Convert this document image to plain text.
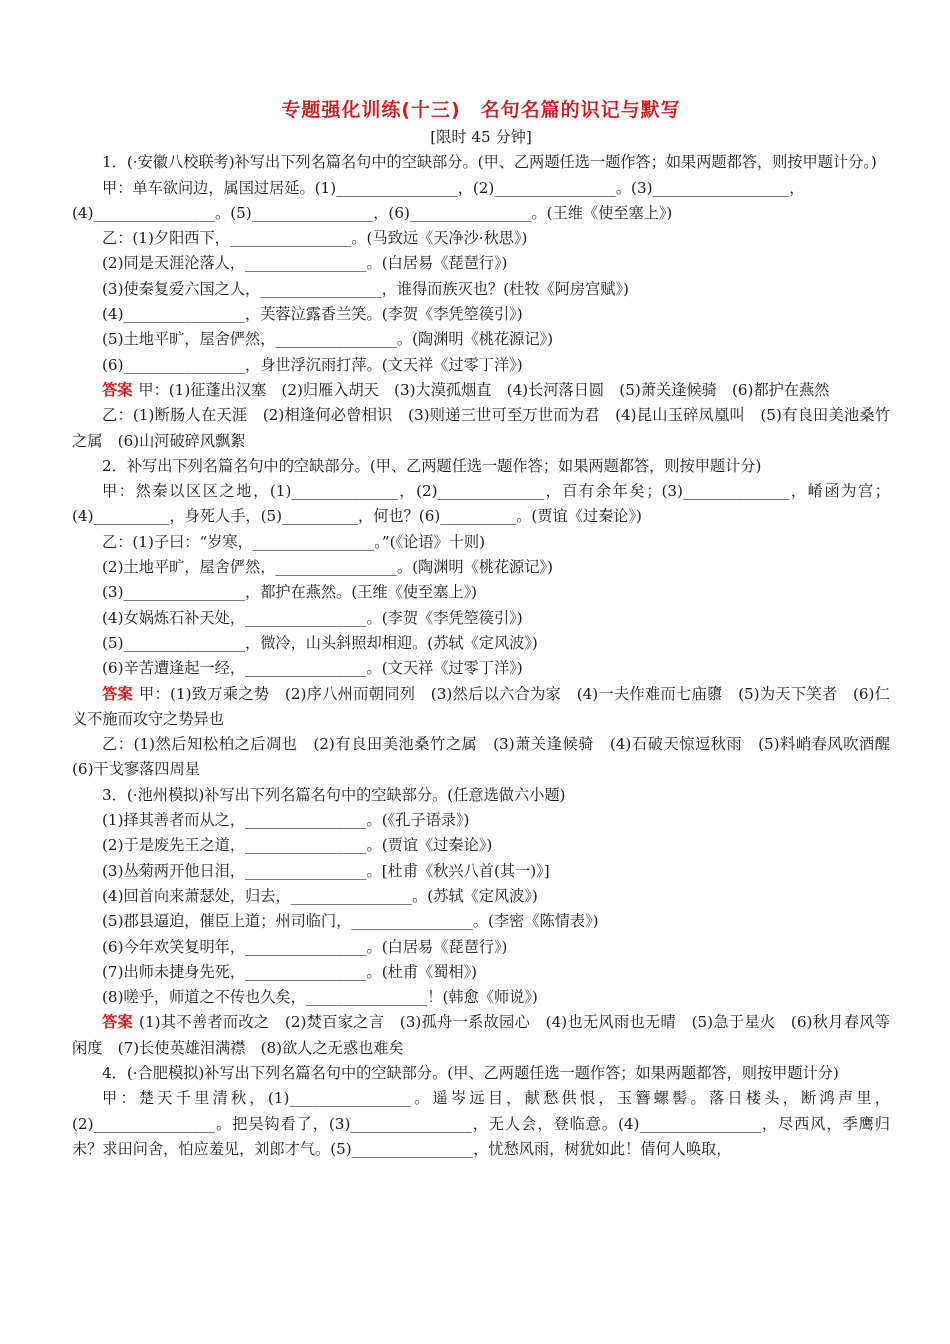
专题强化训练(十三)　名句名篇的识记与默写
[限时 45 分钟]
1．(·安徽八校联考)补写出下列名篇名句中的空缺部分。(甲、乙两题任选一题作答；如果两题都答，则按甲题计分。)
甲：单车欲问边，属国过居延。(1)________________，(2)________________。(3)__________________，
(4)________________。(5)________________，(6)________________。(王维《使至塞上》)
乙：(1)夕阳西下，________________。(马致远《天净沙·秋思》)
(2)同是天涯沦落人，________________。(白居易《琵琶行》)
(3)使秦复爱六国之人，________________，谁得而族灭也？(杜牧《阿房宫赋》)
(4)________________，芙蓉泣露香兰笑。(李贺《李凭箜篌引》)
(5)土地平旷，屋舍俨然，________________。(陶渊明《桃花源记》)
(6)________________，身世浮沉雨打萍。(文天祥《过零丁洋》)
答案 甲：(1)征蓬出汉塞　(2)归雁入胡天　(3)大漠孤烟直　(4)长河落日圆　(5)萧关逢候骑　(6)都护在燕然
乙：(1)断肠人在天涯　(2)相逢何必曾相识　(3)则递三世可至万世而为君　(4)昆山玉碎凤凰叫　(5)有良田美池桑竹之属　(6)山河破碎风飘絮
2．补写出下列名篇名句中的空缺部分。(甲、乙两题任选一题作答；如果两题都答，则按甲题计分)
甲：然秦以区区之地，(1)______________，(2)______________，百有余年矣；(3)______________，崤函为宫；(4)__________，身死人手，(5)__________，何也？(6)__________。(贾谊《过秦论》)
乙：(1)子曰：“岁寒，________________。”(《论语》十则)
(2)土地平旷，屋舍俨然，________________。(陶渊明《桃花源记》)
(3)________________，都护在燕然。(王维《使至塞上》)
(4)女娲炼石补天处，________________。(李贺《李凭箜篌引》)
(5)________________，微冷，山头斜照却相迎。(苏轼《定风波》)
(6)辛苦遭逢起一经，________________。(文天祥《过零丁洋》)
答案 甲：(1)致万乘之势　(2)序八州而朝同列　(3)然后以六合为家　(4)一夫作难而七庙隳　(5)为天下笑者　(6)仁义不施而攻守之势异也
乙：(1)然后知松柏之后凋也　(2)有良田美池桑竹之属　(3)萧关逢候骑　(4)石破天惊逗秋雨　(5)料峭春风吹酒醒　(6)干戈寥落四周星
3．(·池州模拟)补写出下列名篇名句中的空缺部分。(任意选做六小题)
(1)择其善者而从之，________________。(《孔子语录》)
(2)于是废先王之道，________________。(贾谊《过秦论》)
(3)丛菊两开他日泪，________________。[杜甫《秋兴八首(其一)》]
(4)回首向来萧瑟处，归去，________________。(苏轼《定风波》)
(5)郡县逼迫，催臣上道；州司临门，________________。(李密《陈情表》)
(6)今年欢笑复明年，________________。(白居易《琵琶行》)
(7)出师未捷身先死，________________。(杜甫《蜀相》)
(8)嗟乎，师道之不传也久矣，________________！(韩愈《师说》)
答案 (1)其不善者而改之　(2)焚百家之言　(3)孤舟一系故园心　(4)也无风雨也无晴　(5)急于星火　(6)秋月春风等闲度　(7)长使英雄泪满襟　(8)欲人之无惑也难矣
4．(·合肥模拟)补写出下列名篇名句中的空缺部分。(甲、乙两题任选一题作答；如果两题都答，则按甲题计分)
甲：楚天千里清秋，(1)________________。遥岑远目，献愁供恨，玉簪螺髻。落日楼头，断鸿声里，(2)________________。把吴钩看了，(3)________________，无人会，登临意。(4)________________，尽西风，季鹰归未？求田问舍，怕应羞见，刘郎才气。(5)________________，忧愁风雨，树犹如此！倩何人唤取，
